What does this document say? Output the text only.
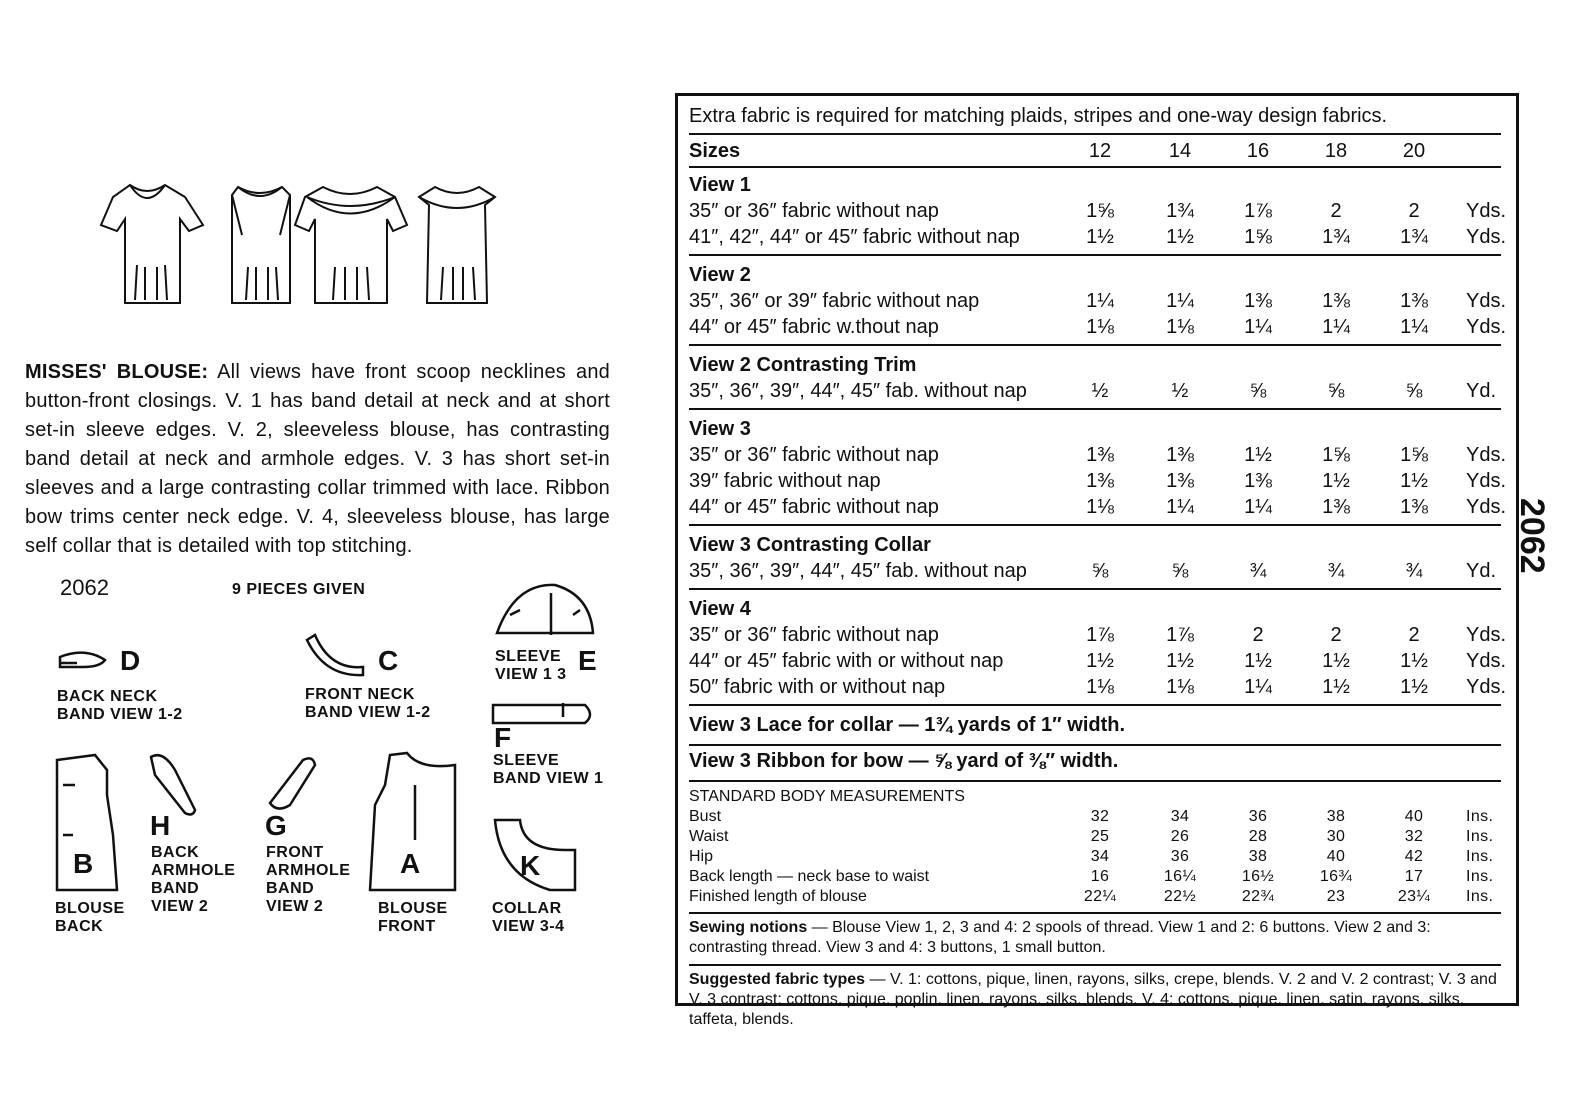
MISSES' BLOUSE: All views have front scoop necklines and button-front closings. V. 1 has band detail at neck and at short set-in sleeve edges. V. 2, sleeveless blouse, has contrasting band detail at neck and armhole edges. V. 3 has short set-in sleeves and a large contrasting collar trimmed with lace. Ribbon bow trims center neck edge. V. 4, sleeveless blouse, has large self collar that is detailed with top stitching.
2062	9 PIECES GIVEN
D
BACK NECK BAND VIEW 1-2
C
FRONT NECK BAND VIEW 1-2
E
SLEEVE VIEW 1 3
F
SLEEVE BAND VIEW 1
B
BLOUSE BACK
H
BACK ARMHOLE BAND VIEW 2
G
FRONT ARMHOLE BAND VIEW 2
A
BLOUSE FRONT
K
COLLAR VIEW 3-4
Extra fabric is required for matching plaids, stripes and one-way design fabrics.
Sizes	12	14	16	18	20
View 1
35″ or 36″ fabric without nap	1⅝	1¾	1⅞	2	2	Yds.
41″, 42″, 44″ or 45″ fabric without nap	1½	1½	1⅝	1¾	1¾	Yds.
View 2
35″, 36″ or 39″ fabric without nap	1¼	1¼	1⅜	1⅜	1⅜	Yds.
44″ or 45″ fabric w.thout nap	1⅛	1⅛	1¼	1¼	1¼	Yds.
View 2 Contrasting Trim
35″, 36″, 39″, 44″, 45″ fab. without nap	½	½	⅝	⅝	⅝	Yd.
View 3
35″ or 36″ fabric without nap	1⅜	1⅜	1½	1⅝	1⅝	Yds.
39″ fabric without nap	1⅜	1⅜	1⅜	1½	1½	Yds.
44″ or 45″ fabric without nap	1⅛	1¼	1¼	1⅜	1⅜	Yds.
View 3 Contrasting Collar
35″, 36″, 39″, 44″, 45″ fab. without nap	⅝	⅝	¾	¾	¾	Yd.
View 4
35″ or 36″ fabric without nap	1⅞	1⅞	2	2	2	Yds.
44″ or 45″ fabric with or without nap	1½	1½	1½	1½	1½	Yds.
50″ fabric with or without nap	1⅛	1⅛	1¼	1½	1½	Yds.
View 3 Lace for collar — 1¾ yards of 1″ width.
View 3 Ribbon for bow — ⅝ yard of ⅜″ width.
STANDARD BODY MEASUREMENTS
Bust	32	34	36	38	40	Ins.
Waist	25	26	28	30	32	Ins.
Hip	34	36	38	40	42	Ins.
Back length — neck base to waist	16	16¼	16½	16¾	17	Ins.
Finished length of blouse	22¼	22½	22¾	23	23¼	Ins.
Sewing notions — Blouse View 1, 2, 3 and 4: 2 spools of thread. View 1 and 2: 6 buttons. View 2 and 3: contrasting thread. View 3 and 4: 3 buttons, 1 small button.
Suggested fabric types — V. 1: cottons, pique, linen, rayons, silks, crepe, blends. V. 2 and V. 2 contrast; V. 3 and V. 3 contrast: cottons, pique, poplin, linen, rayons, silks, blends. V. 4: cottons, pique, linen, satin, rayons, silks, taffeta, blends.
2062
